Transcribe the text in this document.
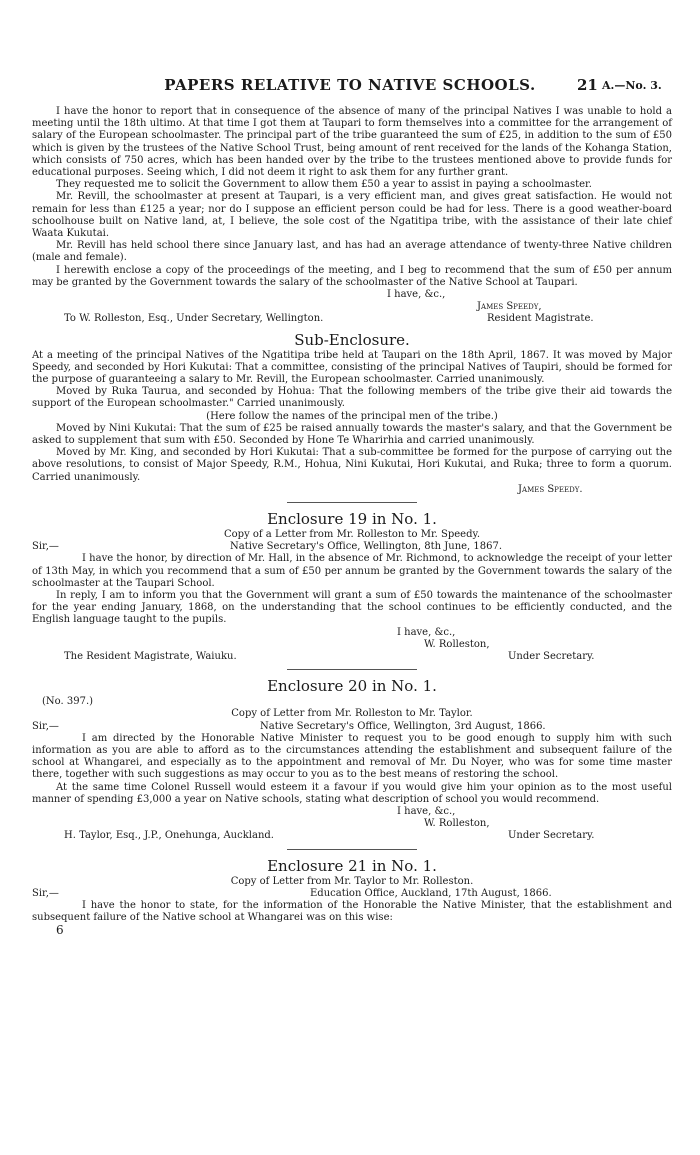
PAPERS RELATIVE TO NATIVE SCHOOLS.	21 A.—No. 3.

I have the honor to report that in consequence of the absence of many of the principal Natives I was unable to hold a meeting until the 18th ultimo. At that time I got them at Taupari to form themselves into a committee for the arrangement of salary of the European schoolmaster. The principal part of the tribe guaranteed the sum of £25, in addition to the sum of £50 which is given by the trustees of the Native School Trust, being amount of rent received for the lands of the Kohanga Station, which consists of 750 acres, which has been handed over by the tribe to the trustees mentioned above to provide funds for educational purposes. Seeing which, I did not deem it right to ask them for any further grant.

They requested me to solicit the Government to allow them £50 a year to assist in paying a schoolmaster.

Mr. Revill, the schoolmaster at present at Taupari, is a very efficient man, and gives great satisfaction. He would not remain for less than £125 a year; nor do I suppose an efficient person could be had for less. There is a good weather-board schoolhouse built on Native land, at, I believe, the sole cost of the Ngatitipa tribe, with the assistance of their late chief Waata Kukutai.

Mr. Revill has held school there since January last, and has had an average attendance of twenty-three Native children (male and female).

I herewith enclose a copy of the proceedings of the meeting, and I beg to recommend that the sum of £50 per annum may be granted by the Government towards the salary of the schoolmaster of the Native School at Taupari.

I have, &c.,
James Speedy,
To W. Rolleston, Esq., Under Secretary, Wellington.	Resident Magistrate.
Sub-Enclosure.

At a meeting of the principal Natives of the Ngatitipa tribe held at Taupari on the 18th April, 1867. It was moved by Major Speedy, and seconded by Hori Kukutai: That a committee, consisting of the principal Natives of Taupiri, should be formed for the purpose of guaranteeing a salary to Mr. Revill, the European schoolmaster. Carried unanimously.

Moved by Ruka Taurua, and seconded by Hohua: That the following members of the tribe give their aid towards the support of the European schoolmaster." Carried unanimously.

(Here follow the names of the principal men of the tribe.)

Moved by Nini Kukutai: That the sum of £25 be raised annually towards the master's salary, and that the Government be asked to supplement that sum with £50. Seconded by Hone Te Wharirhia and carried unanimously.

Moved by Mr. King, and seconded by Hori Kukutai: That a sub-committee be formed for the purpose of carrying out the above resolutions, to consist of Major Speedy, R.M., Hohua, Nini Kukutai, Hori Kukutai, and Ruka; three to form a quorum. Carried unanimously.

James Speedy.
Enclosure 19 in No. 1.
Copy of a Letter from Mr. Rolleston to Mr. Speedy.
Sir,—	Native Secretary's Office, Wellington, 8th June, 1867.

I have the honor, by direction of Mr. Hall, in the absence of Mr. Richmond, to acknowledge the receipt of your letter of 13th May, in which you recommend that a sum of £50 per annum be granted by the Government towards the salary of the schoolmaster at the Taupari School.

In reply, I am to inform you that the Government will grant a sum of £50 towards the maintenance of the schoolmaster for the year ending January, 1868, on the understanding that the school continues to be efficiently conducted, and the English language taught to the pupils.

I have, &c.,
W. Rolleston,
The Resident Magistrate, Waiuku.	Under Secretary.
Enclosure 20 in No. 1.
(No. 397.)
Copy of Letter from Mr. Rolleston to Mr. Taylor.
Sir,—	Native Secretary's Office, Wellington, 3rd August, 1866.

I am directed by the Honorable Native Minister to request you to be good enough to supply him with such information as you are able to afford as to the circumstances attending the establishment and subsequent failure of the school at Whangarei, and especially as to the appointment and removal of Mr. Du Noyer, who was for some time master there, together with such suggestions as may occur to you as to the best means of restoring the school.

At the same time Colonel Russell would esteem it a favour if you would give him your opinion as to the most useful manner of spending £3,000 a year on Native schools, stating what description of school you would recommend.

I have, &c.,
W. Rolleston,
H. Taylor, Esq., J.P., Onehunga, Auckland.	Under Secretary.
Enclosure 21 in No. 1.
Copy of Letter from Mr. Taylor to Mr. Rolleston.
Sir,—	Education Office, Auckland, 17th August, 1866.

I have the honor to state, for the information of the Honorable the Native Minister, that the establishment and subsequent failure of the Native school at Whangarei was on this wise:

6
